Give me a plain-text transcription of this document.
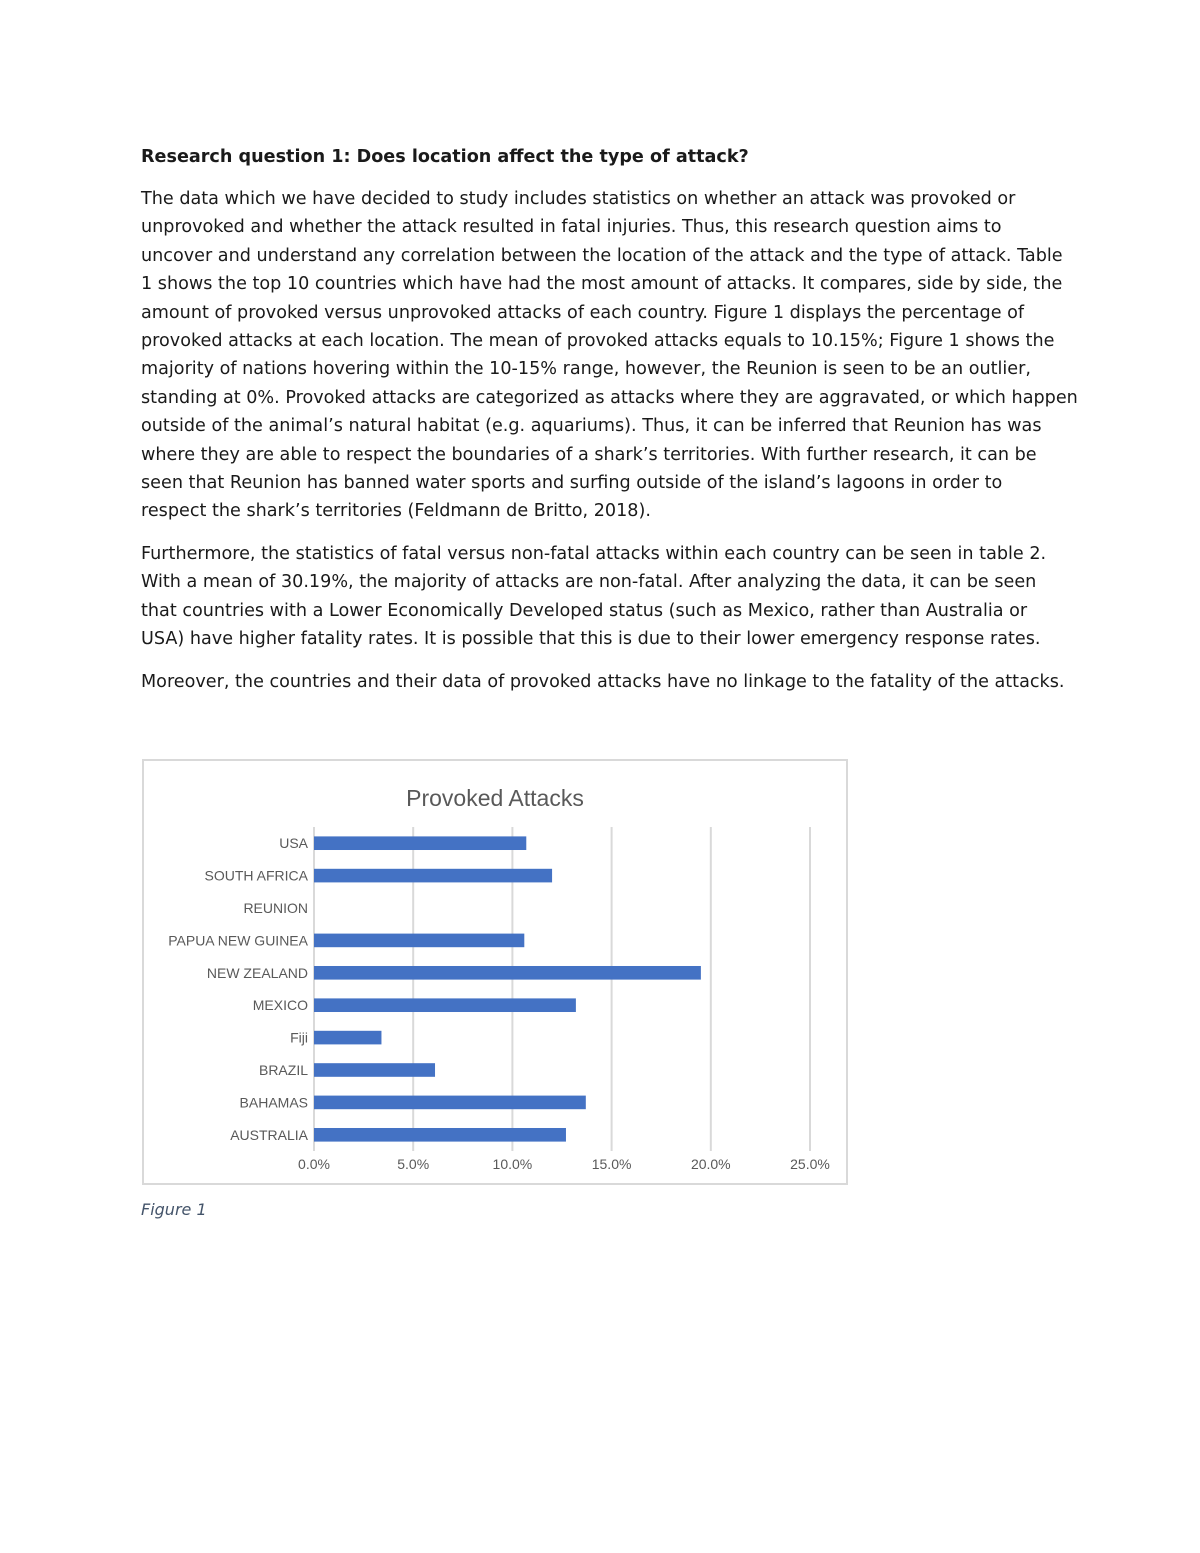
Research question 1: Does location affect the type of attack?
The data which we have decided to study includes statistics on whether an attack was provoked or
unprovoked and whether the attack resulted in fatal injuries. Thus, this research question aims to
uncover and understand any correlation between the location of the attack and the type of attack. Table
1 shows the top 10 countries which have had the most amount of attacks. It compares, side by side, the
amount of provoked versus unprovoked attacks of each country. Figure 1 displays the percentage of
provoked attacks at each location. The mean of provoked attacks equals to 10.15%; Figure 1 shows the
majority of nations hovering within the 10-15% range, however, the Reunion is seen to be an outlier,
standing at 0%. Provoked attacks are categorized as attacks where they are aggravated, or which happen
outside of the animal’s natural habitat (e.g. aquariums). Thus, it can be inferred that Reunion has was
where they are able to respect the boundaries of a shark’s territories. With further research, it can be
seen that Reunion has banned water sports and surfing outside of the island’s lagoons in order to
respect the shark’s territories (Feldmann de Britto, 2018).
Furthermore, the statistics of fatal versus non-fatal attacks within each country can be seen in table 2.
With a mean of 30.19%, the majority of attacks are non-fatal. After analyzing the data, it can be seen
that countries with a Lower Economically Developed status (such as Mexico, rather than Australia or
USA) have higher fatality rates. It is possible that this is due to their lower emergency response rates.
Moreover, the countries and their data of provoked attacks have no linkage to the fatality of the attacks.
Provoked Attacks
0.0%	5.0%	10.0%	15.0%	20.0%	25.0%
USA
SOUTH AFRICA
REUNION
PAPUA NEW GUINEA
NEW ZEALAND
MEXICO
Fiji
BRAZIL
BAHAMAS
AUSTRALIA
Figure 1
